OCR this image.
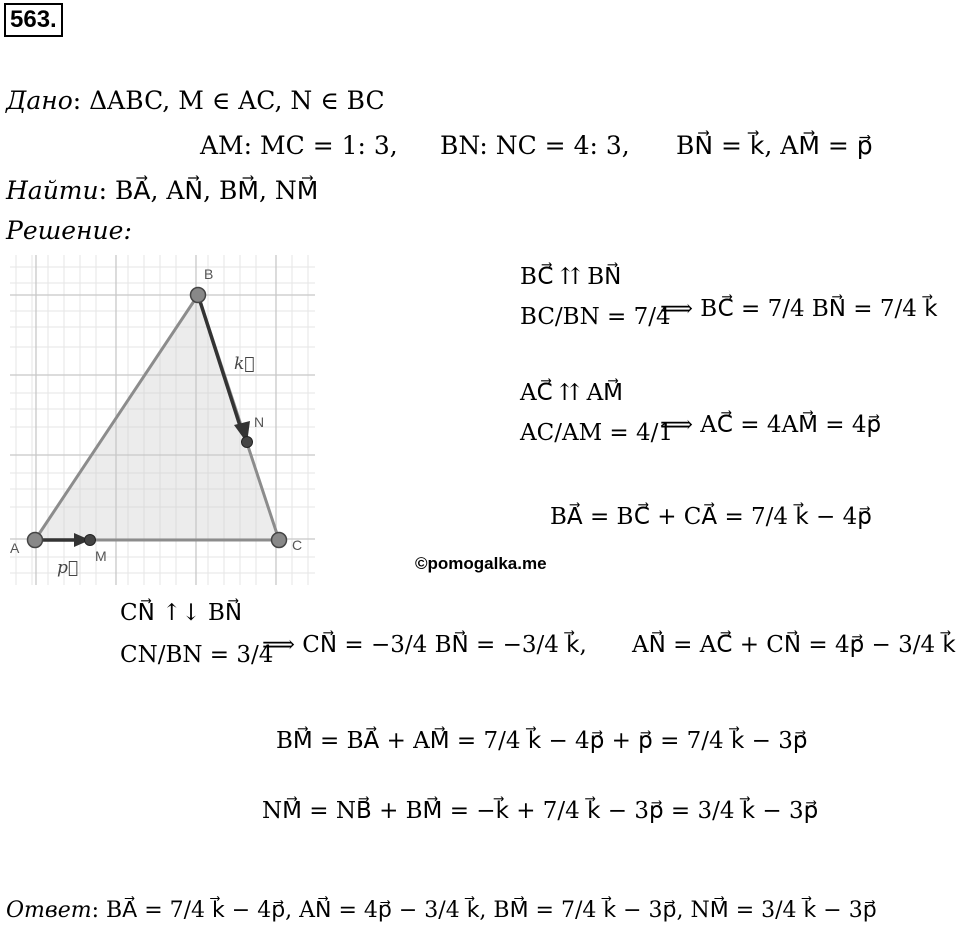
563.
Дано: ΔABC, M ∈ AC, N ∈ BC
AM: MC = 1: 3, BN: NC = 4: 3, BN⃗ = k⃗, AM⃗ = p⃗
Найти: BA⃗, AN⃗, BM⃗, NM⃗
Решение:
B
A	C
N
M
k⃗
p⃗
BC⃗ ⇈ BN⃗
BC/BN = 7/4
⟹ BC⃗ = 7/4 BN⃗ = 7/4 k⃗
AC⃗ ⇈ AM⃗
AC/AM = 4/1
⟹ AC⃗ = 4AM⃗ = 4p⃗
BA⃗ = BC⃗ + CA⃗ = 7/4 k⃗ − 4p⃗
©pomogalka.me
CN⃗ ↑↓ BN⃗
CN/BN = 3/4
⟹ CN⃗ = −3/4 BN⃗ = −3/4 k⃗, AN⃗ = AC⃗ + CN⃗ = 4p⃗ − 3/4 k⃗
BM⃗ = BA⃗ + AM⃗ = 7/4 k⃗ − 4p⃗ + p⃗ = 7/4 k⃗ − 3p⃗
NM⃗ = NB⃗ + BM⃗ = −k⃗ + 7/4 k⃗ − 3p⃗ = 3/4 k⃗ − 3p⃗
Ответ: BA⃗ = 7/4 k⃗ − 4p⃗, AN⃗ = 4p⃗ − 3/4 k⃗, BM⃗ = 7/4 k⃗ − 3p⃗, NM⃗ = 3/4 k⃗ − 3p⃗
